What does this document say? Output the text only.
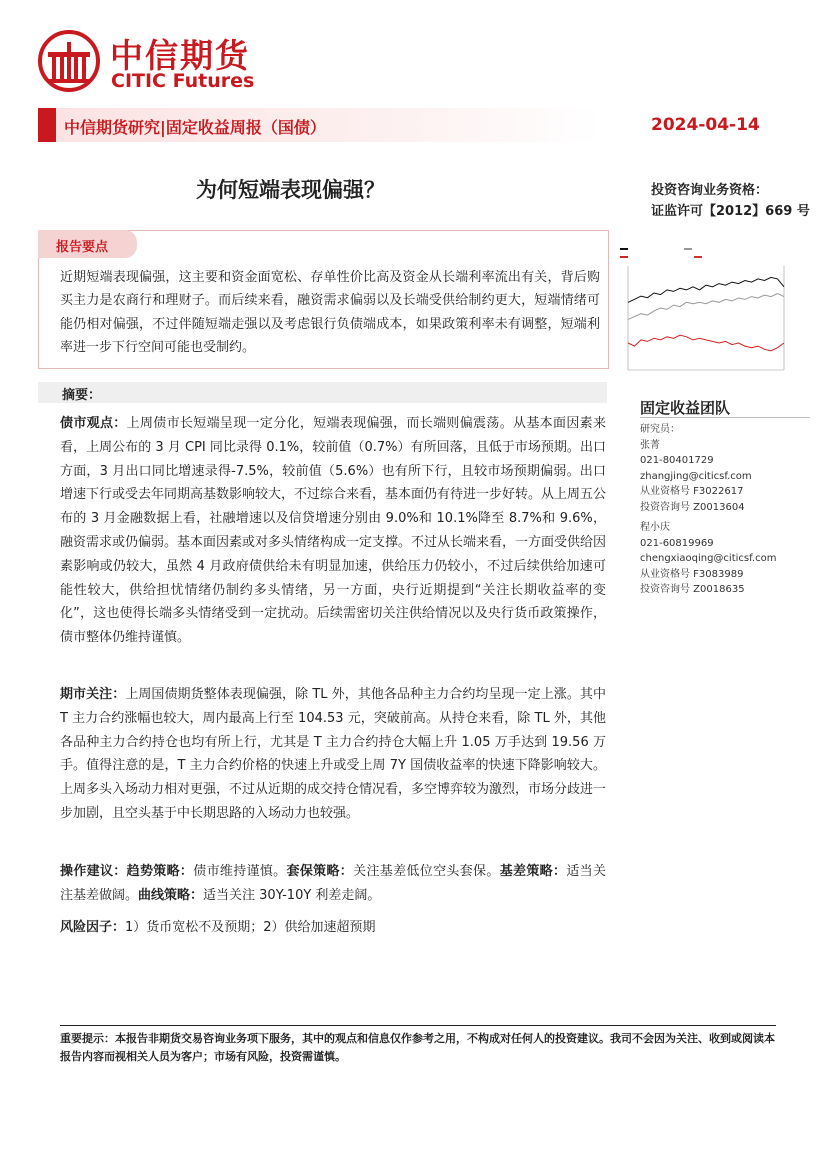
中信期货
CITIC Futures
中信期货研究|固定收益周报（国债）	2024-04-14
为何短端表现偏强？	投资咨询业务资格：
证监许可【2012】669 号
报告要点
近期短端表现偏强，这主要和资金面宽松、存单性价比高及资金从长端利率流出有关，背后购买主力是农商行和理财子。而后续来看，融资需求偏弱以及长端受供给制约更大，短端情绪可能仍相对偏强，不过伴随短端走强以及考虑银行负债端成本，如果政策利率未有调整，短端利率进一步下行空间可能也受制约。
摘要：
债市观点：上周债市长短端呈现一定分化，短端表现偏强，而长端则偏震荡。从基本面因素来看，上周公布的 3 月 CPI 同比录得 0.1%，较前值（0.7%）有所回落，且低于市场预期。出口方面，3 月出口同比增速录得-7.5%，较前值（5.6%）也有所下行，且较市场预期偏弱。出口增速下行或受去年同期高基数影响较大，不过综合来看，基本面仍有待进一步好转。从上周五公布的 3 月金融数据上看，社融增速以及信贷增速分别由 9.0%和 10.1%降至 8.7%和 9.6%，融资需求或仍偏弱。基本面因素或对多头情绪构成一定支撑。不过从长端来看，一方面受供给因素影响或仍较大，虽然 4 月政府债供给未有明显加速，供给压力仍较小，不过后续供给加速可能性较大，供给担忧情绪仍制约多头情绪，另一方面，央行近期提到“关注长期收益率的变化”，这也使得长端多头情绪受到一定扰动。后续需密切关注供给情况以及央行货币政策操作，债市整体仍维持谨慎。
期市关注：上周国债期货整体表现偏强，除 TL 外，其他各品种主力合约均呈现一定上涨。其中 T 主力合约涨幅也较大，周内最高上行至 104.53 元，突破前高。从持仓来看，除 TL 外，其他各品种主力合约持仓也均有所上行，尤其是 T 主力合约持仓大幅上升 1.05 万手达到 19.56 万手。值得注意的是，T 主力合约价格的快速上升或受上周 7Y 国债收益率的快速下降影响较大。上周多头入场动力相对更强，不过从近期的成交持仓情况看，多空博弈较为激烈，市场分歧进一步加剧，且空头基于中长期思路的入场动力也较强。
操作建议：趋势策略：债市维持谨慎。套保策略：关注基差低位空头套保。基差策略：适当关注基差做阔。曲线策略：适当关注 30Y-10Y 利差走阔。
风险因子：1）货币宽松不及预期；2）供给加速超预期
固定收益团队
研究员：
张菁
021-80401729
zhangjing@citicsf.com
从业资格号 F3022617
投资咨询号 Z0013604
程小庆
021-60819969
chengxiaoqing@citicsf.com
从业资格号 F3083989
投资咨询号 Z0018635
重要提示：本报告非期货交易咨询业务项下服务，其中的观点和信息仅作参考之用，不构成对任何人的投资建议。我司不会因为关注、收到或阅读本报告内容而视相关人员为客户；市场有风险，投资需谨慎。
